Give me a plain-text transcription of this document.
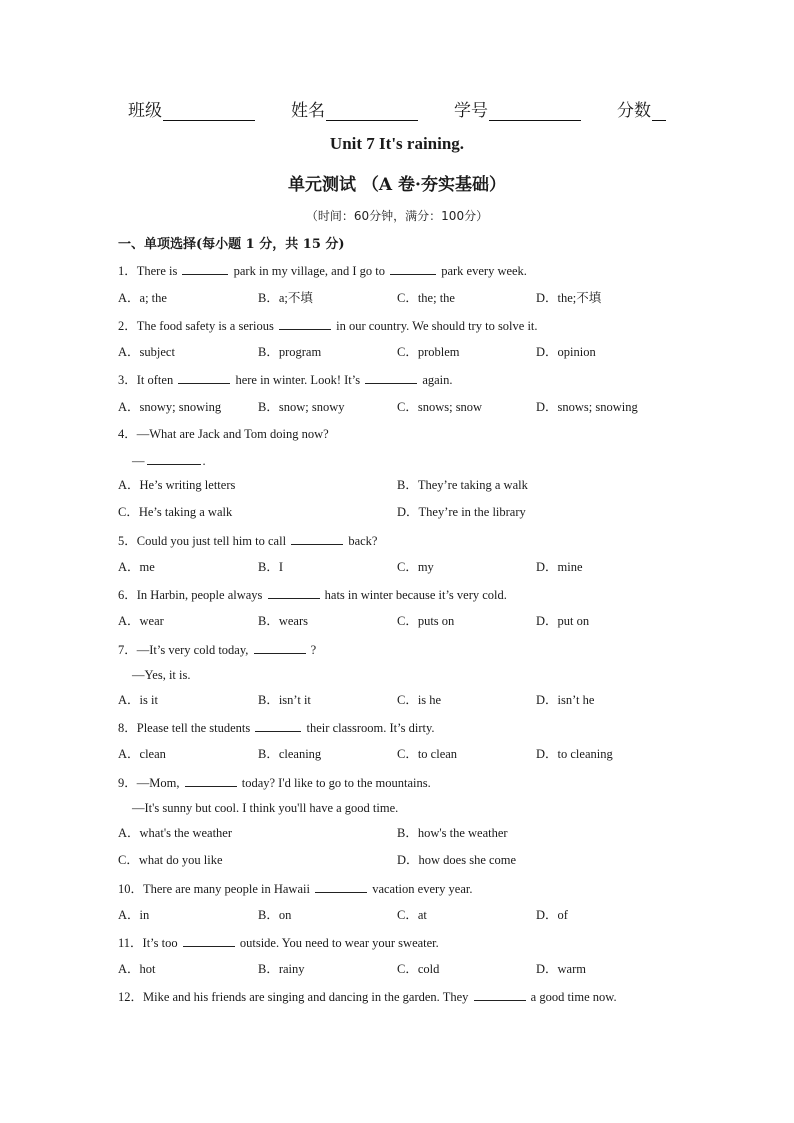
班级	姓名	学号	分数
Unit 7 It's raining.
单元测试 （A 卷·夯实基础）
（时间：60分钟，满分：100分）
一、单项选择(每小题 1 分，共 15 分)
1．There is	park in my village, and I go to	park every week.
A．a; the	B．a;不填	C．the; the	D．the;不填
2．The food safety is a serious	in our country. We should try to solve it.
A．subject	B．program	C．problem	D．opinion
3．It often	here in winter. Look! It’s	again.
A．snowy; snowing	B．snow; snowy	C．snows; snow	D．snows; snowing
4．—What are Jack and Tom doing now?
—	.
A．He’s writing letters	B．They’re taking a walk
C．He’s taking a walk	D．They’re in the library
5．Could you just tell him to call	back?
A．me	B．I	C．my	D．mine
6．In Harbin, people always	hats in winter because it’s very cold.
A．wear	B．wears	C．puts on	D．put on
7．—It’s very cold today,	?
—Yes, it is.
A．is it	B．isn’t it	C．is he	D．isn’t he
8．Please tell the students	their classroom. It’s dirty.
A．clean	B．cleaning	C．to clean	D．to cleaning
9．—Mom,	today? I'd like to go to the mountains.
—It's sunny but cool. I think you'll have a good time.
A．what's the weather	B．how's the weather
C．what do you like	D．how does she come
10．There are many people in Hawaii	vacation every year.
A．in	B．on	C．at	D．of
11．It’s too	outside. You need to wear your sweater.
A．hot	B．rainy	C．cold	D．warm
12．Mike and his friends are singing and dancing in the garden. They	a good time now.
